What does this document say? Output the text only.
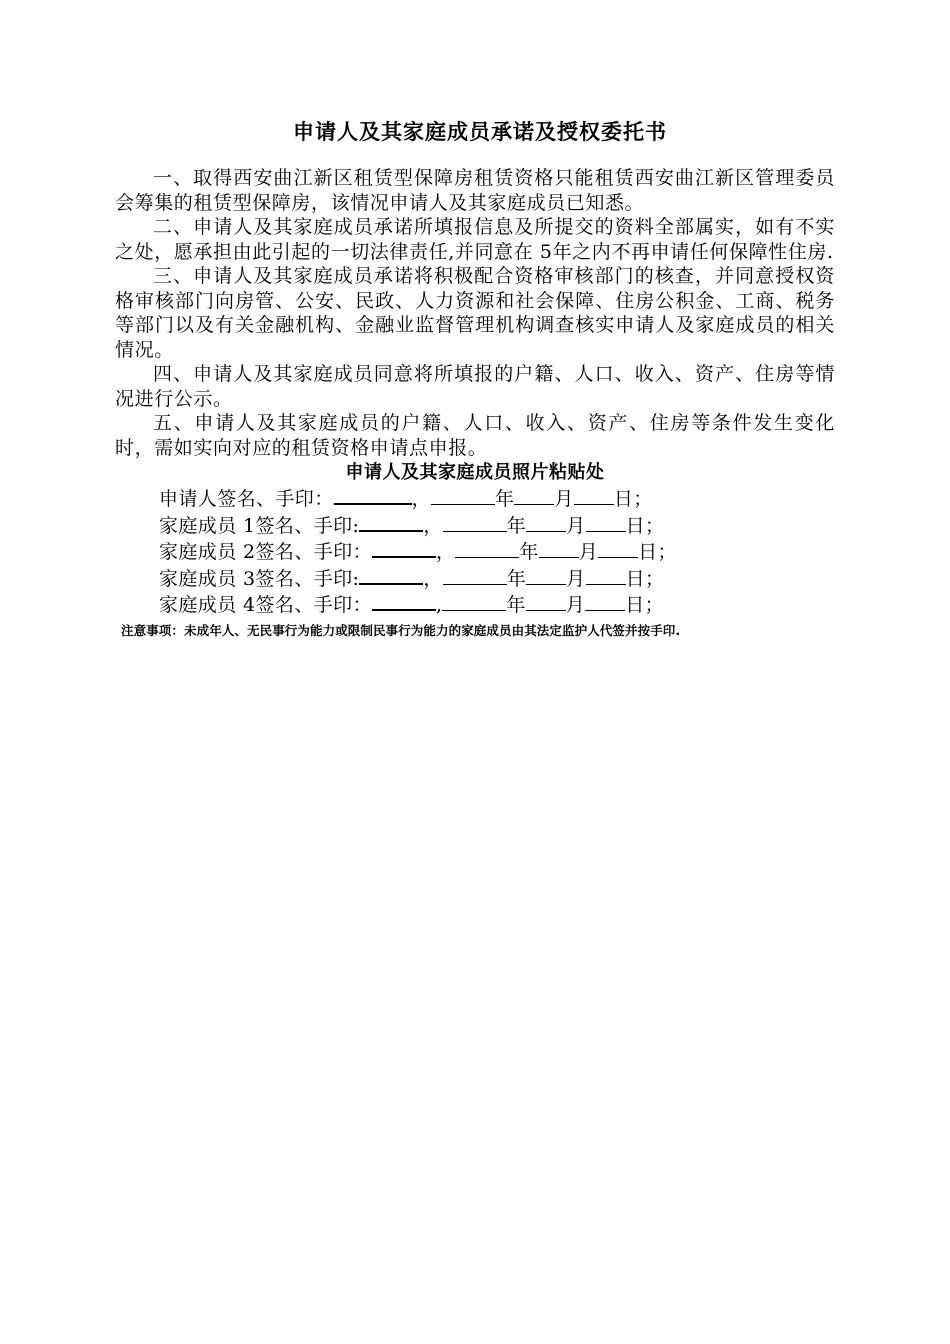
申请人及其家庭成员承诺及授权委托书

一、取得西安曲江新区租赁型保障房租赁资格只能租赁西安曲江新区管理委员会筹集的租赁型保障房，该情况申请人及其家庭成员已知悉。

二、申请人及其家庭成员承诺所填报信息及所提交的资料全部属实，如有不实之处，愿承担由此引起的一切法律责任,并同意在 5年之内不再申请任何保障性住房.

三、申请人及其家庭成员承诺将积极配合资格审核部门的核查，并同意授权资格审核部门向房管、公安、民政、人力资源和社会保障、住房公积金、工商、税务等部门以及有关金融机构、金融业监督管理机构调查核实申请人及家庭成员的相关情况。

四、申请人及其家庭成员同意将所填报的户籍、人口、收入、资产、住房等情况进行公示。

五、申请人及其家庭成员的户籍、人口、收入、资产、住房等条件发生变化时，需如实向对应的租赁资格申请点申报。

申请人及其家庭成员照片粘贴处
申请人签名、手印：	，	年 月 日；
家庭成员 1签名、手印:	，	年 月 日；
家庭成员 2签名、手印：	，	年 月 日；
家庭成员 3签名、手印:	，	年 月 日；
家庭成员 4签名、手印：	,	年 月 日；
注意事项：未成年人、无民事行为能力或限制民事行为能力的家庭成员由其法定监护人代签并按手印.
